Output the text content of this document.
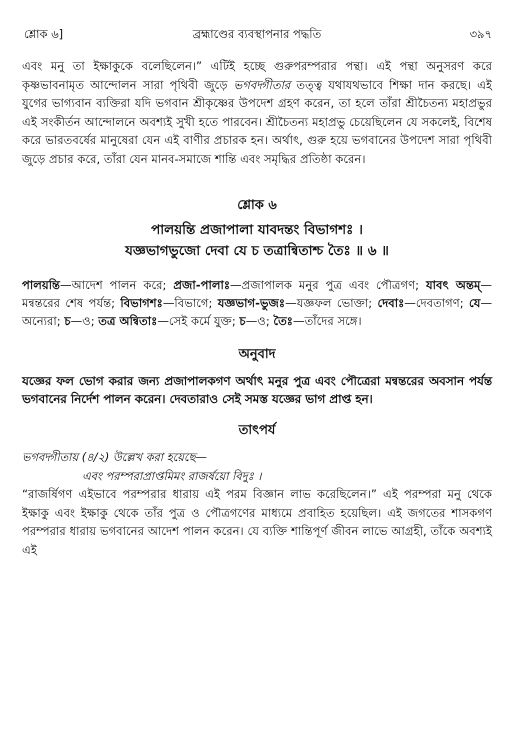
শ্লোক ৬]	ব্রহ্মাণ্ডের ব্যবস্থাপনার পদ্ধতি	৩৯৭

এবং মনু তা ইক্ষাকুকে বলেছিলেন।” এটিই হচ্ছে গুরুপরম্পরার পন্থা। এই পন্থা অনুসরণ করে কৃষ্ণভাবনামৃত আন্দোলন সারা পৃথিবী জুড়ে ভগবদ্গীতার তত্ত্ব যথাযথভাবে শিক্ষা দান করছে। এই যুগের ভাগ্যবান ব্যক্তিরা যদি ভগবান শ্রীকৃষ্ণের উপদেশ গ্রহণ করেন, তা হলে তাঁরা শ্রীচৈতন্য মহাপ্রভুর এই সংকীর্তন আন্দোলনে অবশ্যই সুখী হতে পারবেন। শ্রীচৈতন্য মহাপ্রভু চেয়েছিলেন যে সকলেই, বিশেষ করে ভারতবর্ষের মানুষেরা যেন এই বাণীর প্রচারক হন। অর্থাৎ, গুরু হয়ে ভগবানের উপদেশ সারা পৃথিবী জুড়ে প্রচার করে, তাঁরা যেন মানব-সমাজে শান্তি এবং সমৃদ্ধির প্রতিষ্ঠা করেন।

শ্লোক ৬
পালয়ন্তি প্রজাপালা যাবদন্তং বিভাগশঃ ।
যজ্ঞভাগভুজো দেবা যে চ তত্রান্বিতাশ্চ তৈঃ ॥ ৬ ॥

পালয়ন্তি—আদেশ পালন করে; প্রজা-পালাঃ—প্রজাপালক মনুর পুত্র এবং পৌত্রগণ; যাবৎ অন্তম্—মন্বন্তরের শেষ পর্যন্ত; বিভাগশঃ—বিভাগে; যজ্ঞভাগ-ভুজঃ—যজ্ঞফল ভোক্তা; দেবাঃ—দেবতাগণ; যে—অন্যেরা; চ—ও; তত্র অন্বিতাঃ—সেই কর্মে যুক্ত; চ—ও; তৈঃ—তাঁদের সঙ্গে।

অনুবাদ

যজ্ঞের ফল ভোগ করার জন্য প্রজাপালকগণ অর্থাৎ মনুর পুত্র এবং পৌত্রেরা মন্বন্তরের অবসান পর্যন্ত ভগবানের নির্দেশ পালন করেন। দেবতারাও সেই সমস্ত যজ্ঞের ভাগ প্রাপ্ত হন।

তাৎপর্য
ভগবদ্গীতায় (৪/২) উল্লেখ করা হয়েছে—
এবং পরম্পরাপ্রাপ্তমিমং রাজর্ষয়ো বিদুঃ ।

“রাজর্ষিগণ এইভাবে পরম্পরার ধারায় এই পরম বিজ্ঞান লাভ করেছিলেন।” এই পরম্পরা মনু থেকে ইক্ষাকু এবং ইক্ষাকু থেকে তাঁর পুত্র ও পৌত্রগণের মাধ্যমে প্রবাহিত হয়েছিল। এই জগতের শাসকগণ পরম্পরার ধারায় ভগবানের আদেশ পালন করেন। যে ব্যক্তি শান্তিপূর্ণ জীবন লাভে আগ্রহী, তাঁকে অবশ্যই এই
